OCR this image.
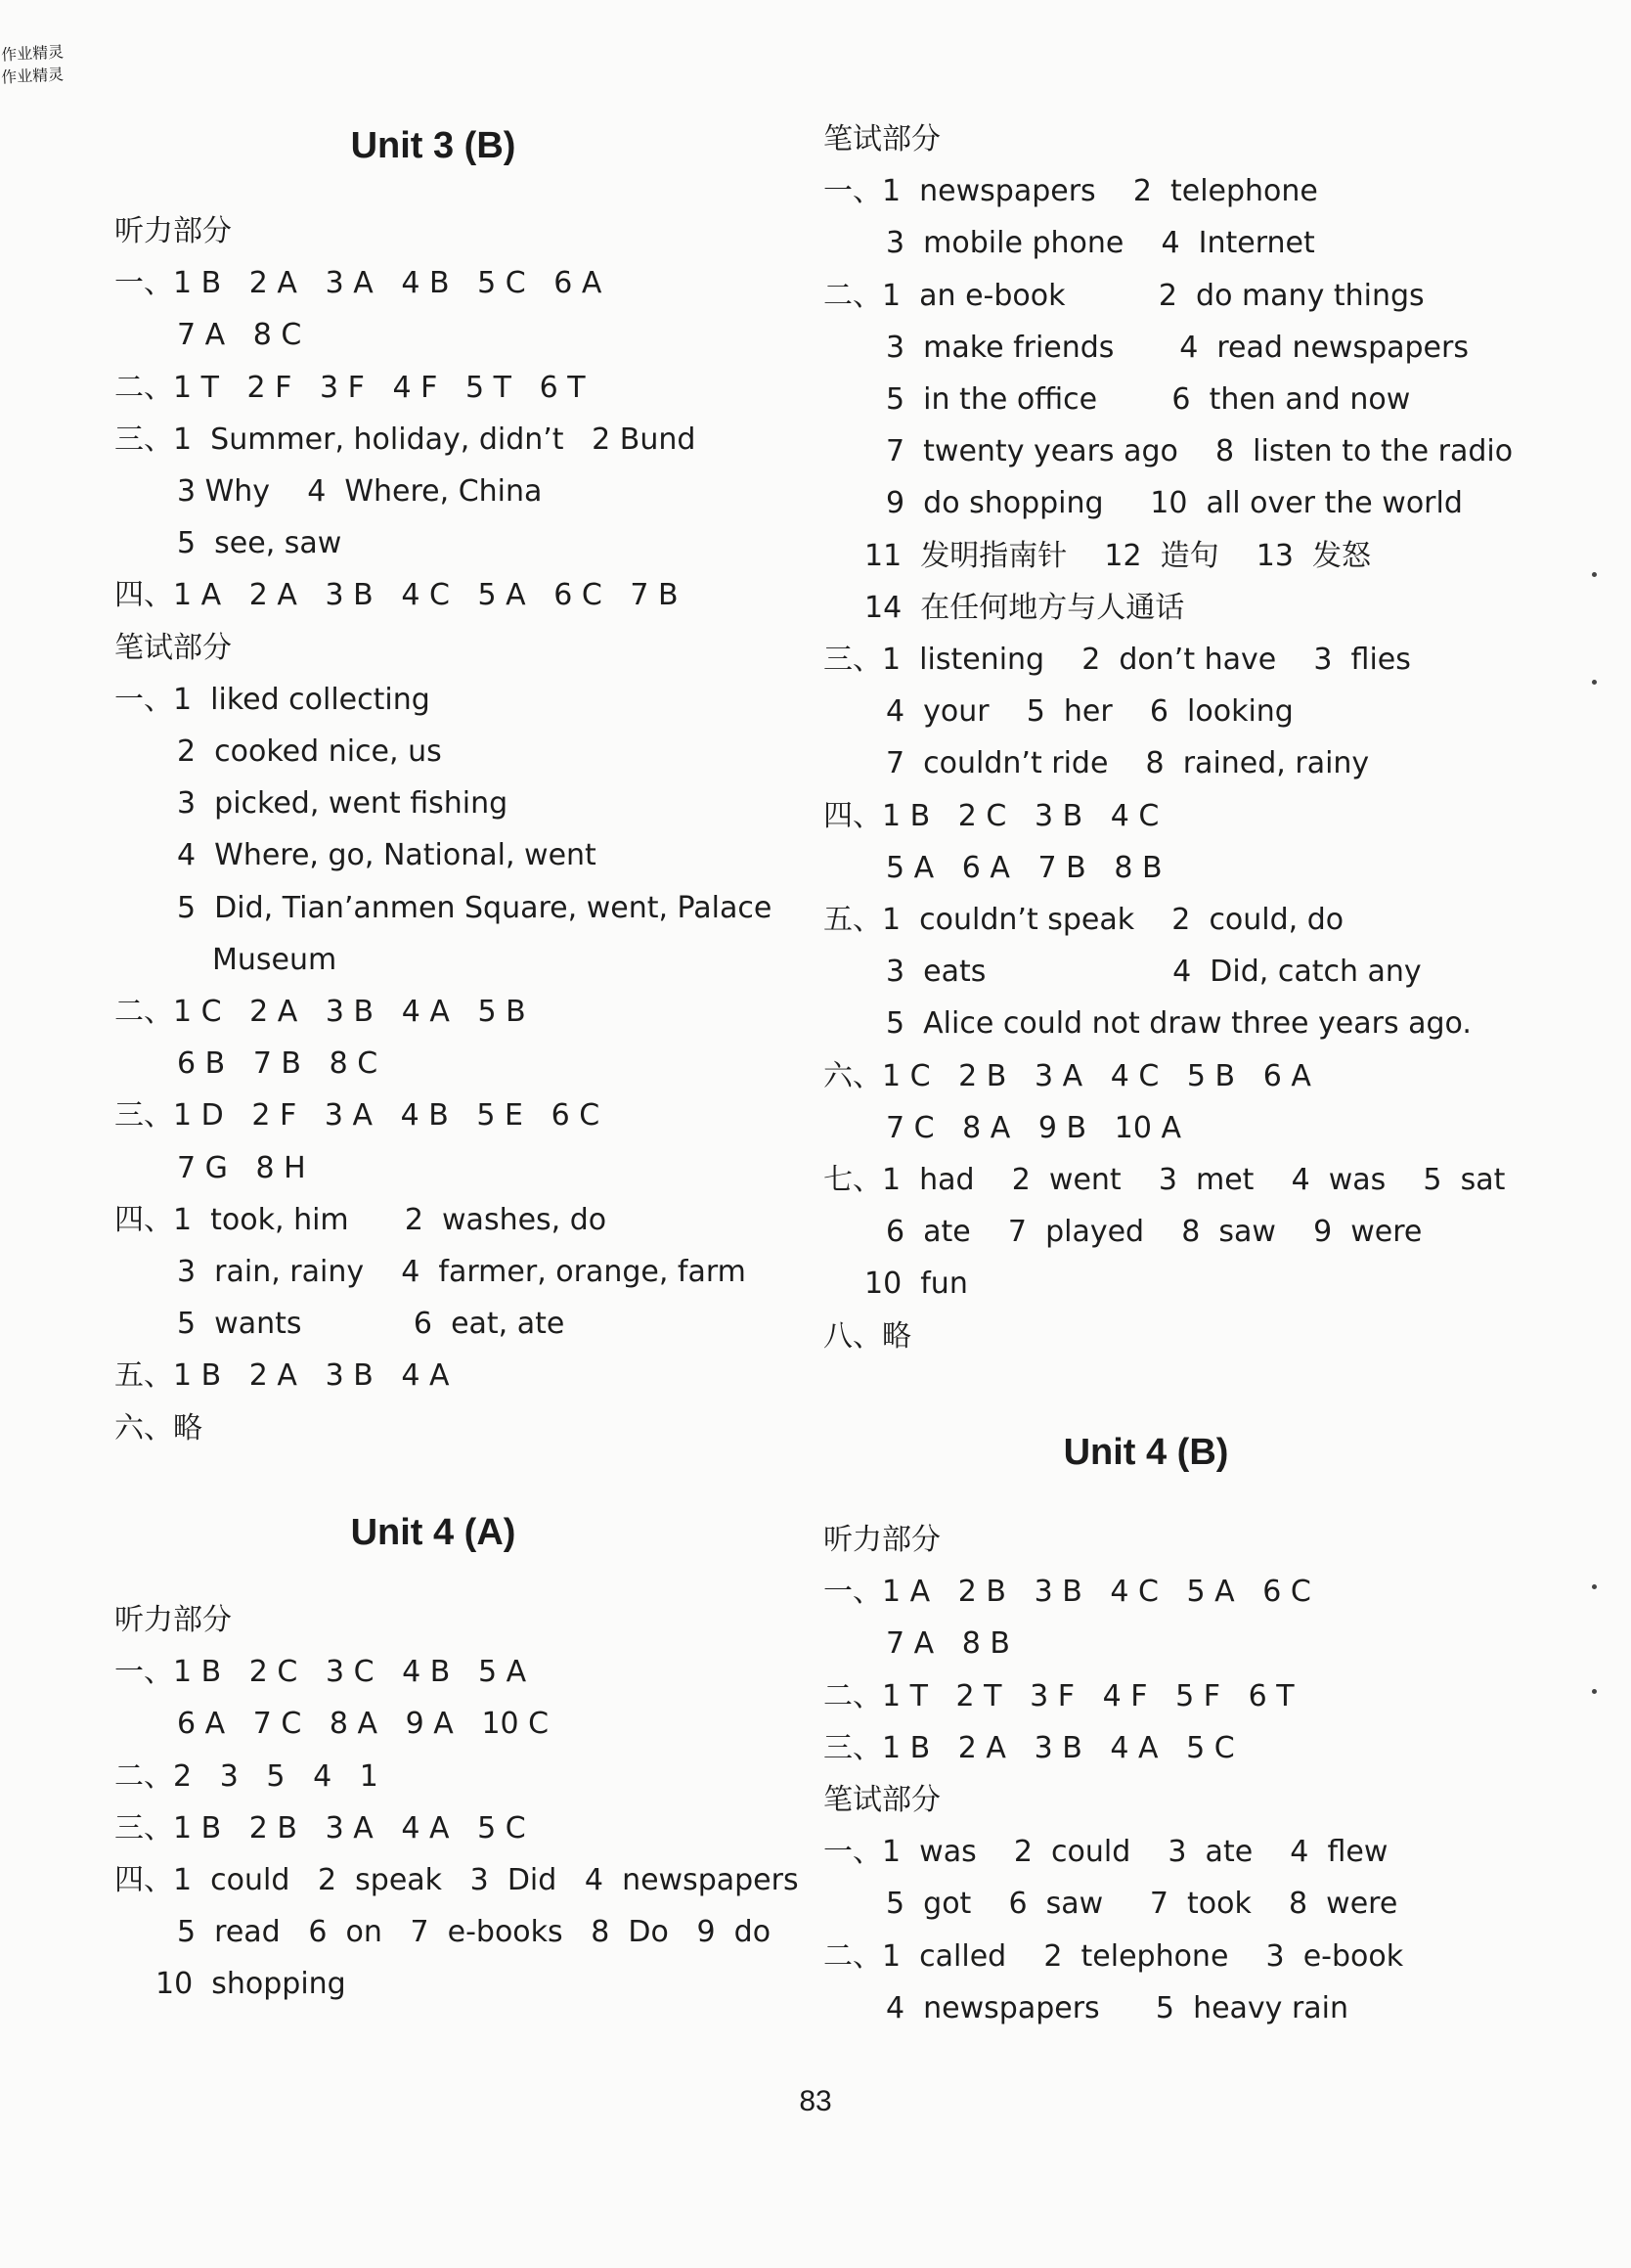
Unit 3 (B)
听力部分
一、1 B   2 A   3 A   4 B   5 C   6 A
7 A   8 C
二、1 T   2 F   3 F   4 F   5 T   6 T
三、1  Summer, holiday, didn’t   2 Bund
3 Why    4  Where, China
5  see, saw
四、1 A   2 A   3 B   4 C   5 A   6 C   7 B
笔试部分
一、1  liked collecting
2  cooked nice, us
3  picked, went fishing
4  Where, go, National, went
5  Did, Tian’anmen Square, went, Palace
Museum
二、1 C   2 A   3 B   4 A   5 B
6 B   7 B   8 C
三、1 D   2 F   3 A   4 B   5 E   6 C
7 G   8 H
四、1  took, him      2  washes, do
3  rain, rainy    4  farmer, orange, farm
5  wants            6  eat, ate
五、1 B   2 A   3 B   4 A
六、略
Unit 4 (A)
听力部分
一、1 B   2 C   3 C   4 B   5 A
6 A   7 C   8 A   9 A   10 C
二、2   3   5   4   1
三、1 B   2 B   3 A   4 A   5 C
四、1  could   2  speak   3  Did   4  newspapers
5  read   6  on   7  e-books   8  Do   9  do
10  shopping
笔试部分
一、1  newspapers    2  telephone
3  mobile phone    4  Internet
二、1  an e-book          2  do many things
3  make friends       4  read newspapers
5  in the office        6  then and now
7  twenty years ago    8  listen to the radio
9  do shopping     10  all over the world
11  发明指南针    12  造句    13  发怒
14  在任何地方与人通话
三、1  listening    2  don’t have    3  flies
4  your    5  her    6  looking
7  couldn’t ride    8  rained, rainy
四、1 B   2 C   3 B   4 C
5 A   6 A   7 B   8 B
五、1  couldn’t speak    2  could, do
3  eats                    4  Did, catch any
5  Alice could not draw three years ago.
六、1 C   2 B   3 A   4 C   5 B   6 A
7 C   8 A   9 B   10 A
七、1  had    2  went    3  met    4  was    5  sat
6  ate    7  played    8  saw    9  were
10  fun
八、略
Unit 4 (B)
听力部分
一、1 A   2 B   3 B   4 C   5 A   6 C
7 A   8 B
二、1 T   2 T   3 F   4 F   5 F   6 T
三、1 B   2 A   3 B   4 A   5 C
笔试部分
一、1  was    2  could    3  ate    4  flew
5  got    6  saw     7  took    8  were
二、1  called    2  telephone    3  e-book
4  newspapers      5  heavy rain
83
作业精灵
作业精灵
